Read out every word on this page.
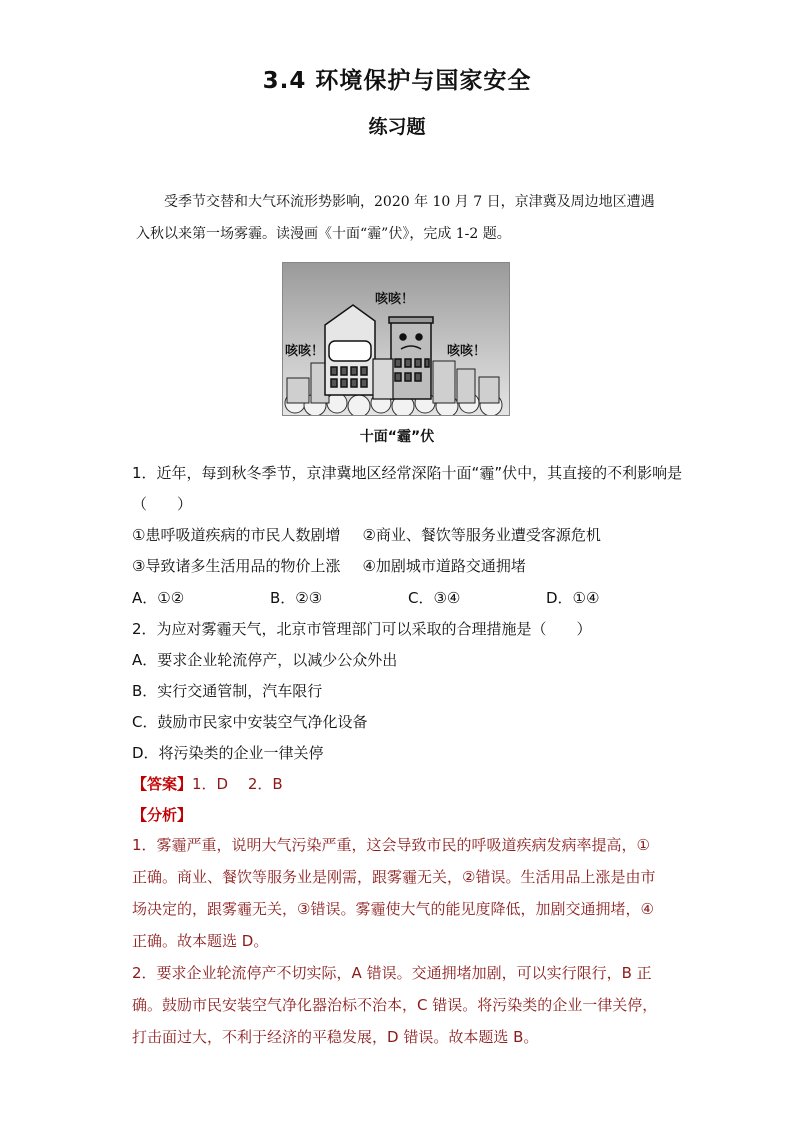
3.4 环境保护与国家安全
练习题
受季节交替和大气环流形势影响，2020 年 10 月 7 日，京津冀及周边地区遭遇入秋以来第一场雾霾。读漫画《十面“霾”伏》，完成 1-2 题。
咳咳！
咳咳！	咳咳！
十面“霾”伏
1．近年，每到秋冬季节，京津冀地区经常深陷十面“霾”伏中，其直接的不利影响是
（　　）
①患呼吸道疾病的市民人数剧增 ②商业、餐饮等服务业遭受客源危机
③导致诸多生活用品的物价上涨 ④加剧城市道路交通拥堵
A．①②	B．②③	C．③④	D．①④
2．为应对雾霾天气，北京市管理部门可以采取的合理措施是（　　）
A．要求企业轮流停产，以减少公众外出
B．实行交通管制，汽车限行
C．鼓励市民家中安装空气净化设备
D．将污染类的企业一律关停
【答案】1．D　 2．B
【分析】
1．雾霾严重，说明大气污染严重，这会导致市民的呼吸道疾病发病率提高，①正确。商业、餐饮等服务业是刚需，跟雾霾无关，②错误。生活用品上涨是由市场决定的，跟雾霾无关，③错误。雾霾使大气的能见度降低，加剧交通拥堵，④正确。故本题选 D。
2．要求企业轮流停产不切实际，A 错误。交通拥堵加剧，可以实行限行，B 正确。鼓励市民安装空气净化器治标不治本，C 错误。将污染类的企业一律关停，打击面过大，不利于经济的平稳发展，D 错误。故本题选 B。
